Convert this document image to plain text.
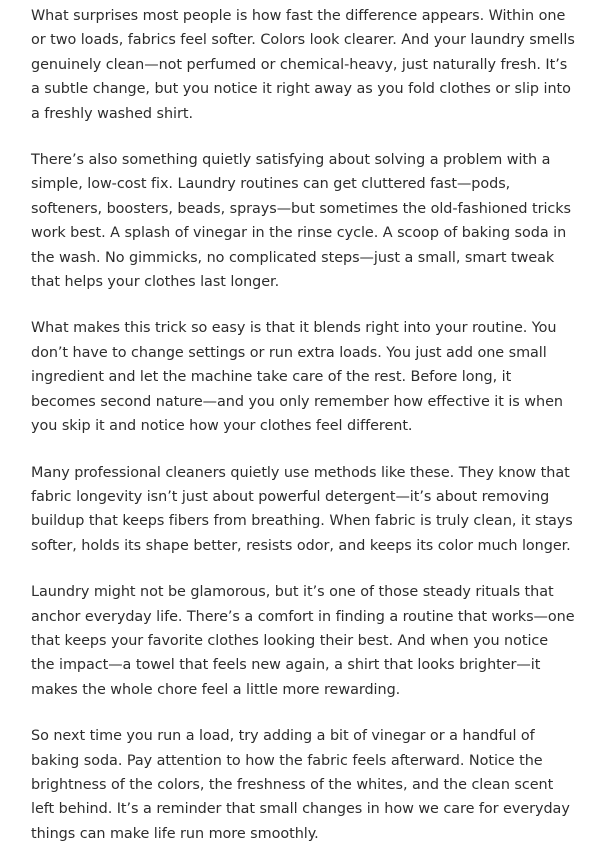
What surprises most people is how fast the difference appears. Within one or two loads, fabrics feel softer. Colors look clearer. And your laundry smells genuinely clean—not perfumed or chemical-heavy, just naturally fresh. It’s a subtle change, but you notice it right away as you fold clothes or slip into a freshly washed shirt.

There’s also something quietly satisfying about solving a problem with a simple, low-cost fix. Laundry routines can get cluttered fast—pods, softeners, boosters, beads, sprays—but sometimes the old-fashioned tricks work best. A splash of vinegar in the rinse cycle. A scoop of baking soda in the wash. No gimmicks, no complicated steps—just a small, smart tweak that helps your clothes last longer.

What makes this trick so easy is that it blends right into your routine. You don’t have to change settings or run extra loads. You just add one small ingredient and let the machine take care of the rest. Before long, it becomes second nature—and you only remember how effective it is when you skip it and notice how your clothes feel different.

Many professional cleaners quietly use methods like these. They know that fabric longevity isn’t just about powerful detergent—it’s about removing buildup that keeps fibers from breathing. When fabric is truly clean, it stays softer, holds its shape better, resists odor, and keeps its color much longer.

Laundry might not be glamorous, but it’s one of those steady rituals that anchor everyday life. There’s a comfort in finding a routine that works—one that keeps your favorite clothes looking their best. And when you notice the impact—a towel that feels new again, a shirt that looks brighter—it makes the whole chore feel a little more rewarding.

So next time you run a load, try adding a bit of vinegar or a handful of baking soda. Pay attention to how the fabric feels afterward. Notice the brightness of the colors, the freshness of the whites, and the clean scent left behind. It’s a reminder that small changes in how we care for everyday things can make life run more smoothly.
